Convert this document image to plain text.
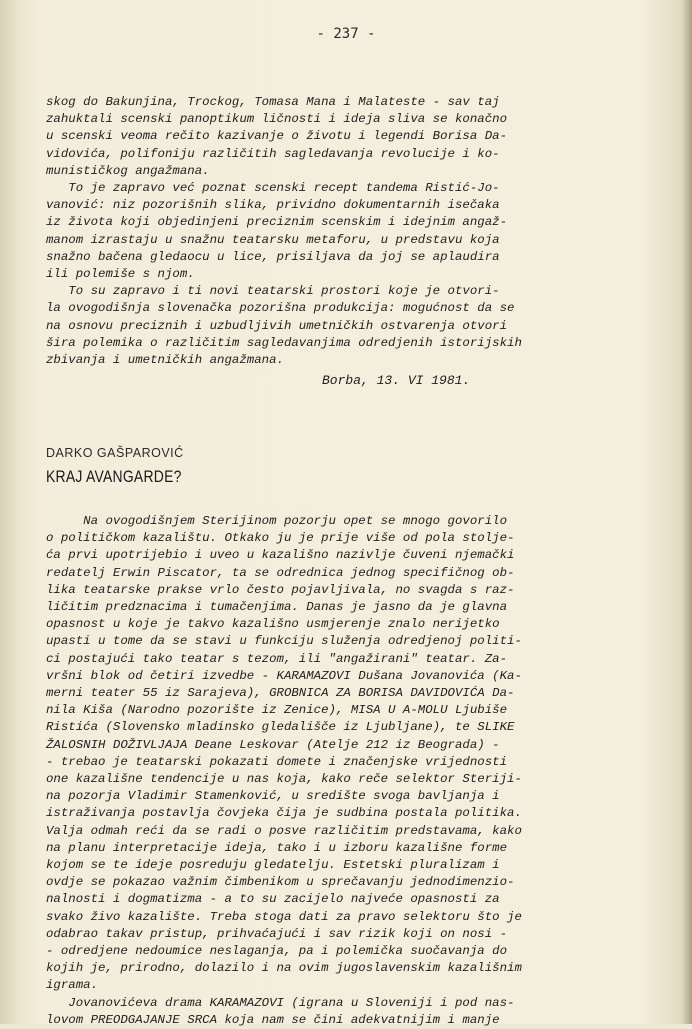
- 237 -
skog do Bakunjina, Trockog, Tomasa Mana i Malateste - sav taj
zahuktali scenski panoptikum ličnosti i ideja sliva se konačno
u scenski veoma rečito kazivanje o životu i legendi Borisa Da-
vidovića, polifoniju različitih sagledavanja revolucije i ko-
munističkog angažmana.
To je zapravo već poznat scenski recept tandema Ristić-Jo-
vanović: niz pozorišnih slika, prividno dokumentarnih isečaka
iz života koji objedinjeni preciznim scenskim i idejnim angaž-
manom izrastaju u snažnu teatarsku metaforu, u predstavu koja
snažno bačena gledaocu u lice, prisiljava da joj se aplaudira
ili polemiše s njom.
To su zapravo i ti novi teatarski prostori koje je otvori-
la ovogodišnja slovenačka pozorišna produkcija: mogućnost da se
na osnovu preciznih i uzbudljivih umetničkih ostvarenja otvori
šira polemika o različitim sagledavanjima odredjenih istorijskih
zbivanja i umetničkih angažmana.
Borba, 13. VI 1981.
DARKO GAŠPAROVIĆ
KRAJ AVANGARDE?
Na ovogodišnjem Sterijinom pozorju opet se mnogo govorilo
o političkom kazalištu. Otkako ju je prije više od pola stolje-
ća prvi upotrijebio i uveo u kazališno nazivlje čuveni njemački
redatelj Erwin Piscator, ta se odrednica jednog specifičnog ob-
lika teatarske prakse vrlo često pojavljivala, no svagda s raz-
ličitim predznacima i tumačenjima. Danas je jasno da je glavna
opasnost u koje je takvo kazališno usmjerenje znalo nerijetko
upasti u tome da se stavi u funkciju služenja odredjenoj politi-
ci postajući tako teatar s tezom, ili "angažirani" teatar. Za-
vršni blok od četiri izvedbe - KARAMAZOVI Dušana Jovanovića (Ka-
merni teater 55 iz Sarajeva), GROBNICA ZA BORISA DAVIDOVIĆA Da-
nila Kiša (Narodno pozorište iz Zenice), MISA U A-MOLU Ljubiše
Ristića (Slovensko mladinsko gledališče iz Ljubljane), te SLIKE
ŽALOSNIH DOŽIVLJAJA Deane Leskovar (Atelje 212 iz Beograda) -
- trebao je teatarski pokazati domete i značenjske vrijednosti
one kazališne tendencije u nas koja, kako reče selektor Steriji-
na pozorja Vladimir Stamenković, u središte svoga bavljanja i
istraživanja postavlja čovjeka čija je sudbina postala politika.
Valja odmah reći da se radi o posve različitim predstavama, kako
na planu interpretacije ideja, tako i u izboru kazališne forme
kojom se te ideje posreduju gledatelju. Estetski pluralizam i
ovdje se pokazao važnim čimbenikom u sprečavanju jednodimenzio-
nalnosti i dogmatizma - a to su zacijelo najveće opasnosti za
svako živo kazalište. Treba stoga dati za pravo selektoru što je
odabrao takav pristup, prihvaćajući i sav rizik koji on nosi -
- odredjene nedoumice neslaganja, pa i polemička suočavanja do
kojih je, prirodno, dolazilo i na ovim jugoslavenskim kazališnim
igrama.
Jovanovićeva drama KARAMAZOVI (igrana u Sloveniji i pod nas-
lovom PREODGAJANJE SRCA koja nam se čini adekvatnijim i manje
